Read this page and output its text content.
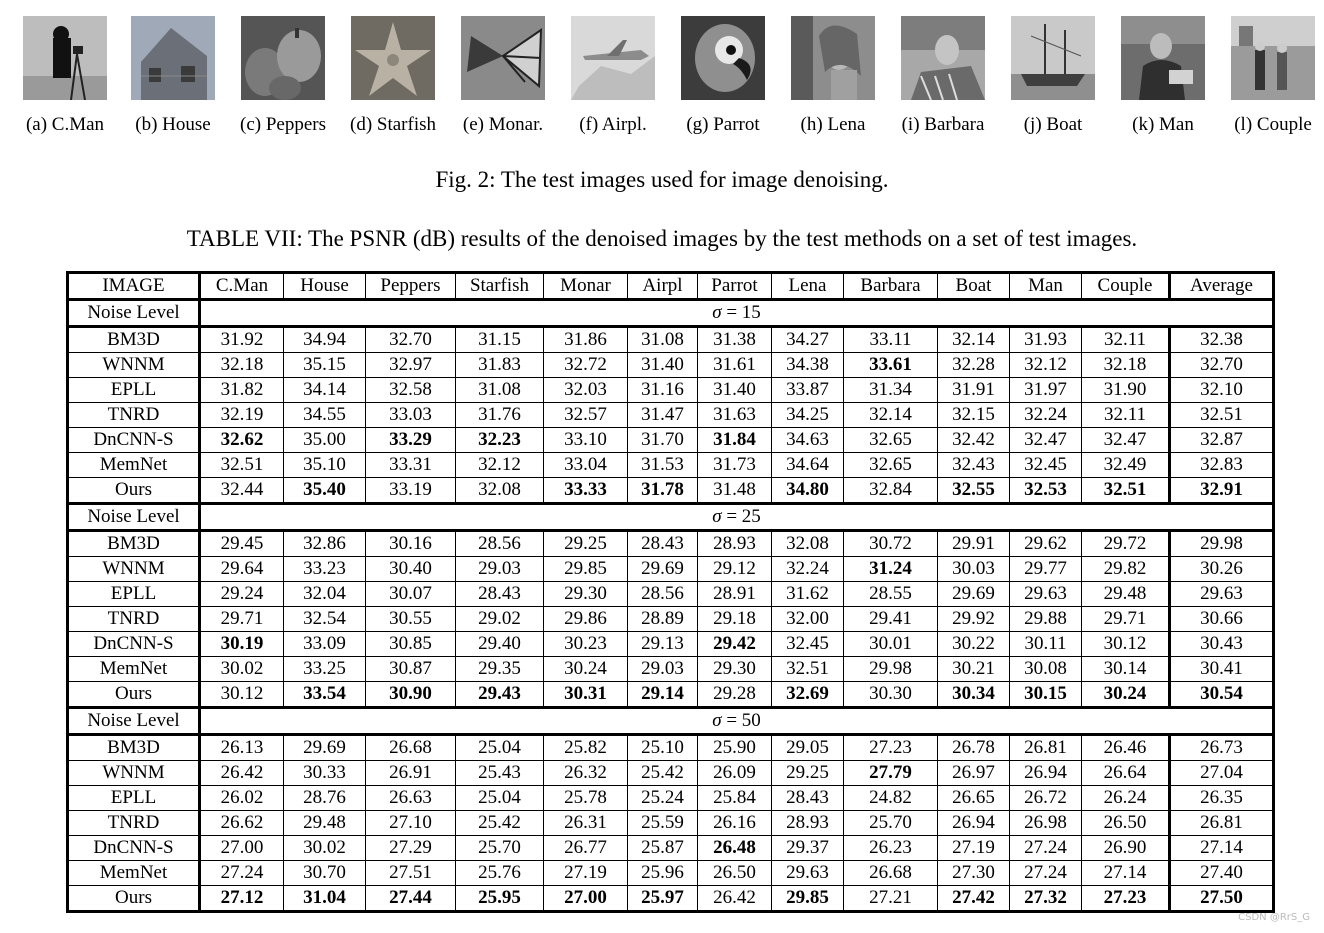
(a) C.Man (b) House (c) Peppers (d) Starfish (e) Monar. (f) Airpl. (g) Parrot (h) Lena (i) Barbara (j) Boat	(k) Man (l) Couple
Fig. 2: The test images used for image denoising.
TABLE VII: The PSNR (dB) results of the denoised images by the test methods on a set of test images.
IMAGE	C.Man	House	Peppers	Starfish	Monar	Airpl	Parrot	Lena	Barbara	Boat	Man	Couple	Average
Noise Level	σ = 15												
BM3D	31.92	34.94	32.70	31.15	31.86	31.08	31.38	34.27	33.11	32.14	31.93	32.11	32.38
WNNM	32.18	35.15	32.97	31.83	32.72	31.40	31.61	34.38	33.61	32.28	32.12	32.18	32.70
EPLL	31.82	34.14	32.58	31.08	32.03	31.16	31.40	33.87	31.34	31.91	31.97	31.90	32.10
TNRD	32.19	34.55	33.03	31.76	32.57	31.47	31.63	34.25	32.14	32.15	32.24	32.11	32.51
DnCNN-S	32.62	35.00	33.29	32.23	33.10	31.70	31.84	34.63	32.65	32.42	32.47	32.47	32.87
MemNet	32.51	35.10	33.31	32.12	33.04	31.53	31.73	34.64	32.65	32.43	32.45	32.49	32.83
Ours	32.44	35.40	33.19	32.08	33.33	31.78	31.48	34.80	32.84	32.55	32.53	32.51	32.91
Noise Level	σ = 25												
BM3D	29.45	32.86	30.16	28.56	29.25	28.43	28.93	32.08	30.72	29.91	29.62	29.72	29.98
WNNM	29.64	33.23	30.40	29.03	29.85	29.69	29.12	32.24	31.24	30.03	29.77	29.82	30.26
EPLL	29.24	32.04	30.07	28.43	29.30	28.56	28.91	31.62	28.55	29.69	29.63	29.48	29.63
TNRD	29.71	32.54	30.55	29.02	29.86	28.89	29.18	32.00	29.41	29.92	29.88	29.71	30.66
DnCNN-S	30.19	33.09	30.85	29.40	30.23	29.13	29.42	32.45	30.01	30.22	30.11	30.12	30.43
MemNet	30.02	33.25	30.87	29.35	30.24	29.03	29.30	32.51	29.98	30.21	30.08	30.14	30.41
Ours	30.12	33.54	30.90	29.43	30.31	29.14	29.28	32.69	30.30	30.34	30.15	30.24	30.54
Noise Level	σ = 50												
BM3D	26.13	29.69	26.68	25.04	25.82	25.10	25.90	29.05	27.23	26.78	26.81	26.46	26.73
WNNM	26.42	30.33	26.91	25.43	26.32	25.42	26.09	29.25	27.79	26.97	26.94	26.64	27.04
EPLL	26.02	28.76	26.63	25.04	25.78	25.24	25.84	28.43	24.82	26.65	26.72	26.24	26.35
TNRD	26.62	29.48	27.10	25.42	26.31	25.59	26.16	28.93	25.70	26.94	26.98	26.50	26.81
DnCNN-S	27.00	30.02	27.29	25.70	26.77	25.87	26.48	29.37	26.23	27.19	27.24	26.90	27.14
MemNet	27.24	30.70	27.51	25.76	27.19	25.96	26.50	29.63	26.68	27.30	27.24	27.14	27.40
Ours	27.12	31.04	27.44	25.95	27.00	25.97	26.42	29.85	27.21	27.42	27.32	27.23	27.50
CSDN @RrS_G
